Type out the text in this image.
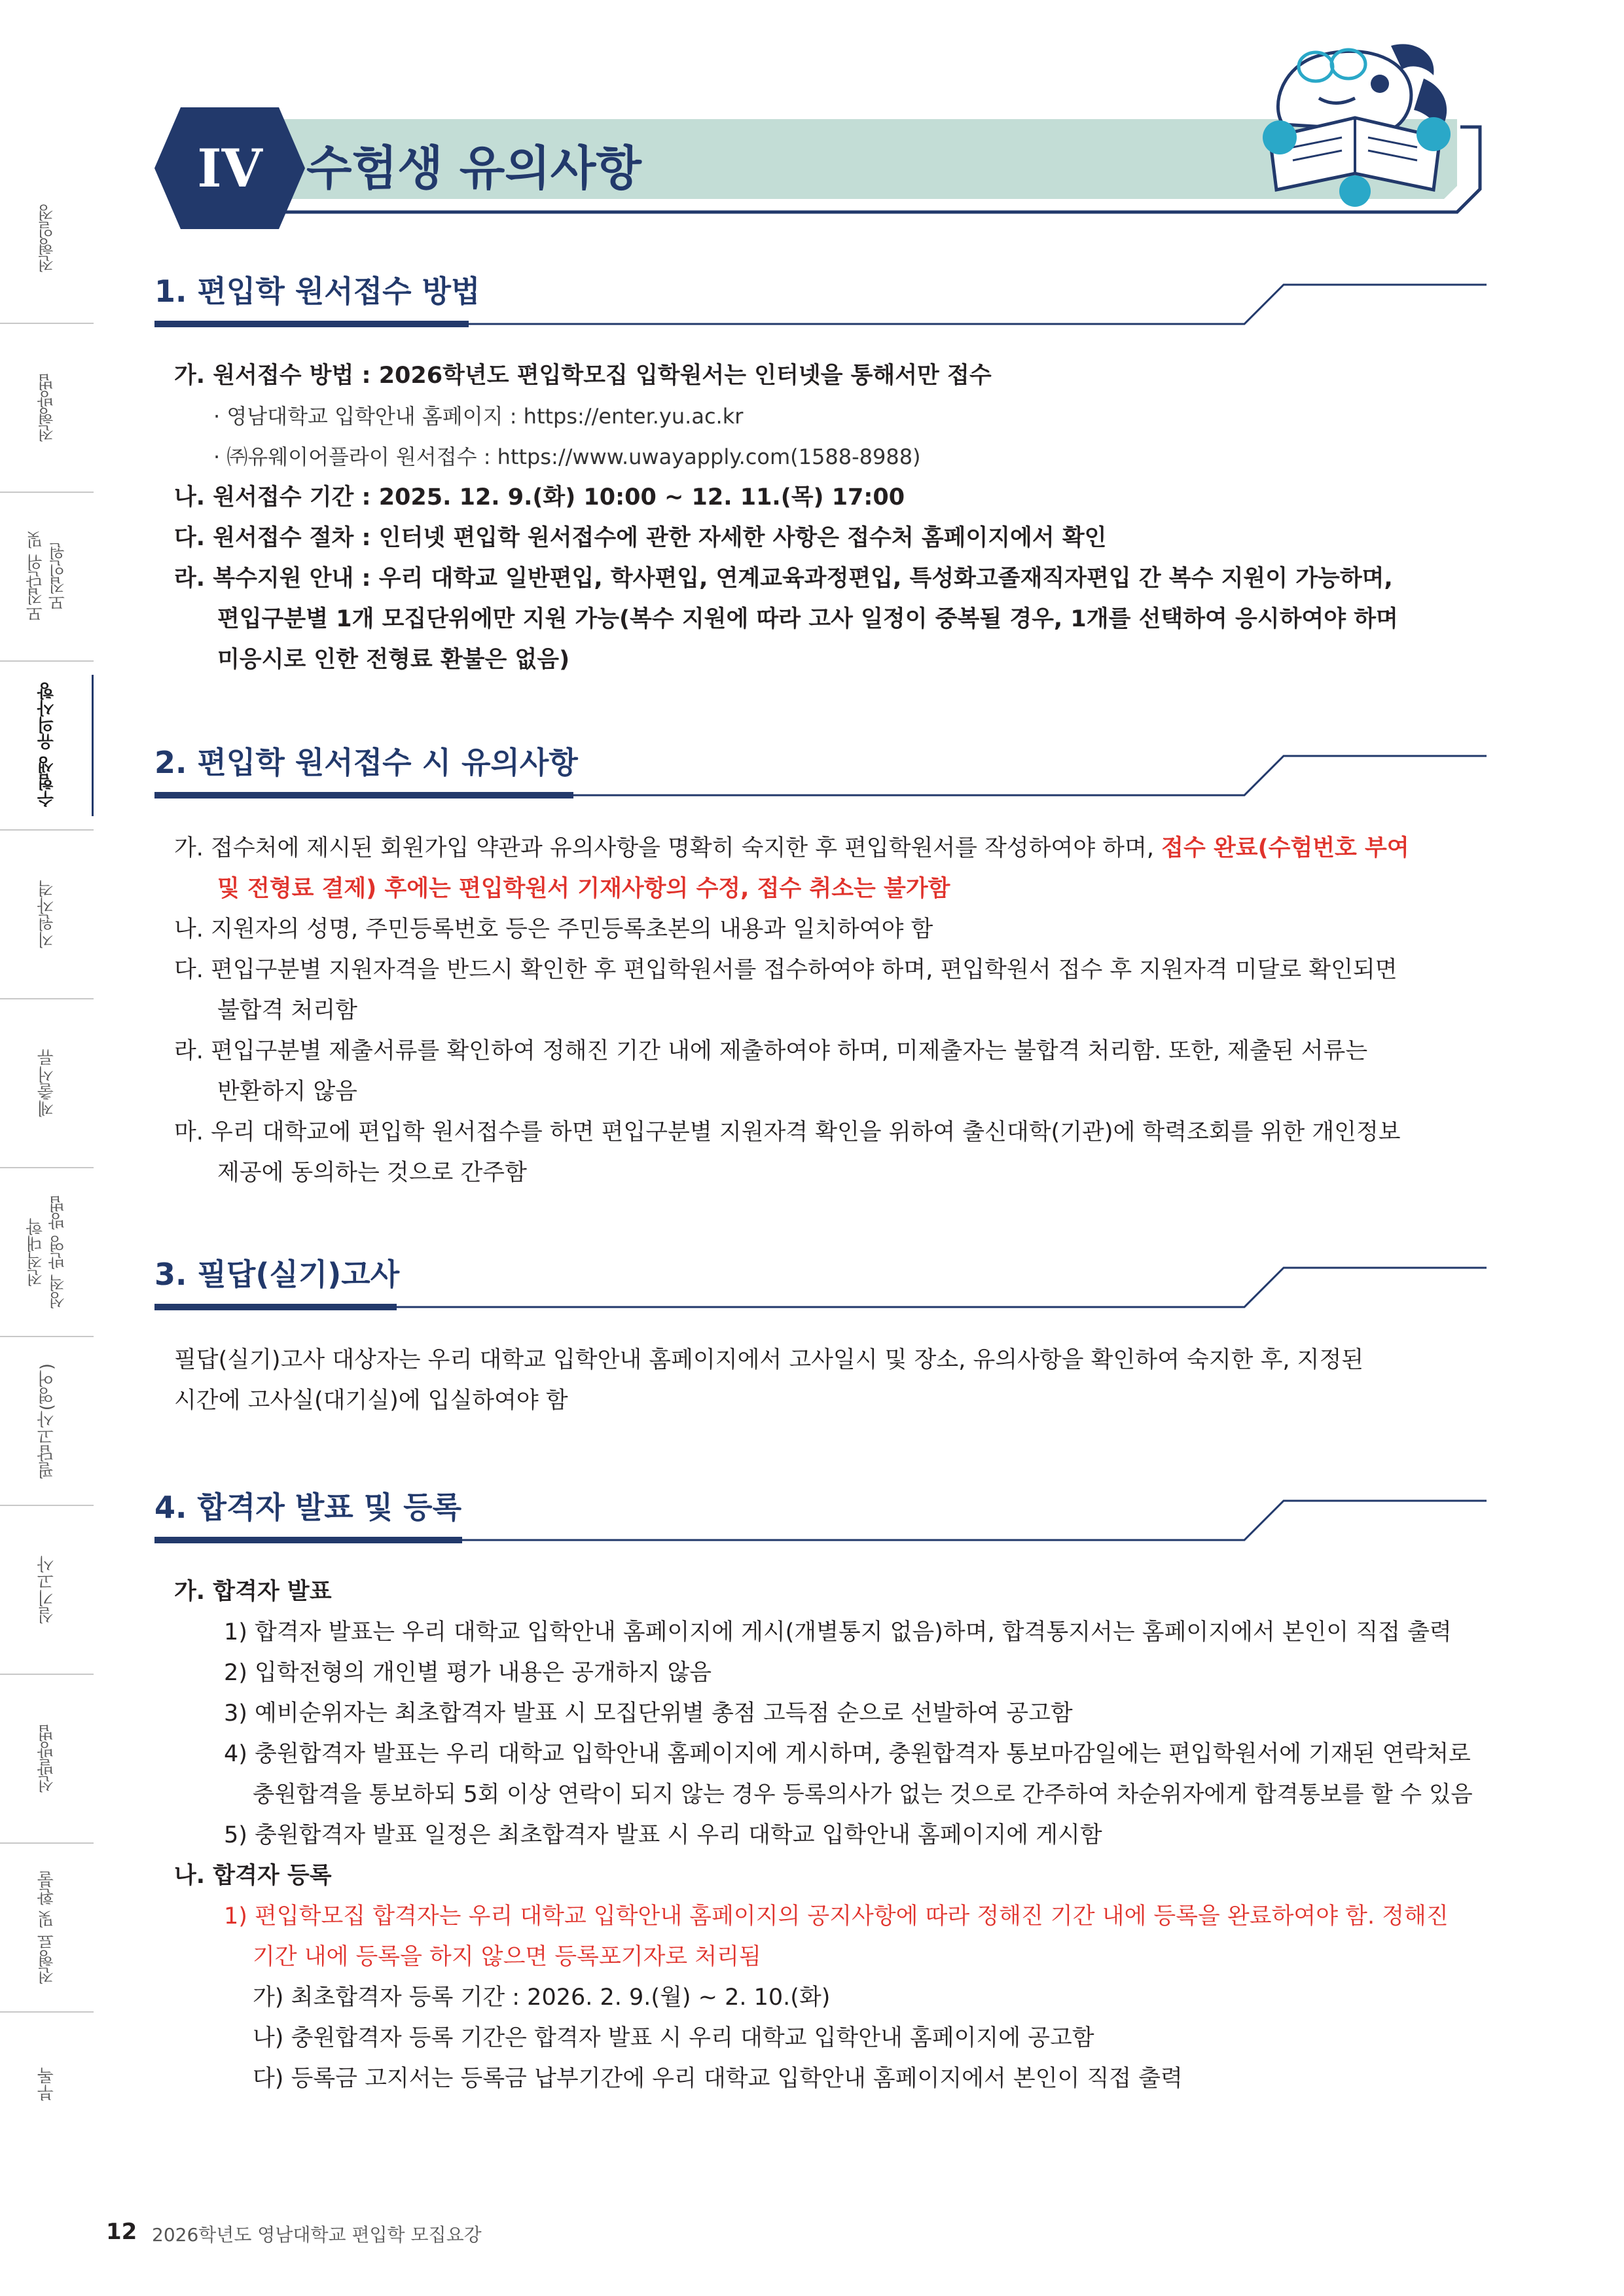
전형일정
전형방법
모집단위 및
모집인원
수험생 유의사항
지원자격
제출서류
전적대학
성적 반영 방법
필답고사(영어)
실기고사
선발방법
전형료 및 환불
부록
IV 수험생 유의사항
1. 편입학 원서접수 방법
가. 원서접수 방법 : 2026학년도 편입학모집 입학원서는 인터넷을 통해서만 접수
· 영남대학교 입학안내 홈페이지 : https://enter.yu.ac.kr
· ㈜유웨이어플라이 원서접수 : https://www.uwayapply.com(1588-8988)
나. 원서접수 기간 : 2025. 12. 9.(화) 10:00 ~ 12. 11.(목) 17:00
다. 원서접수 절차 : 인터넷 편입학 원서접수에 관한 자세한 사항은 접수처 홈페이지에서 확인
라. 복수지원 안내 : 우리 대학교 일반편입, 학사편입, 연계교육과정편입, 특성화고졸재직자편입 간 복수 지원이 가능하며,
편입구분별 1개 모집단위에만 지원 가능(복수 지원에 따라 고사 일정이 중복될 경우, 1개를 선택하여 응시하여야 하며
미응시로 인한 전형료 환불은 없음)
2. 편입학 원서접수 시 유의사항
가. 접수처에 제시된 회원가입 약관과 유의사항을 명확히 숙지한 후 편입학원서를 작성하여야 하며, 접수 완료(수험번호 부여
및 전형료 결제) 후에는 편입학원서 기재사항의 수정, 접수 취소는 불가함
나. 지원자의 성명, 주민등록번호 등은 주민등록초본의 내용과 일치하여야 함
다. 편입구분별 지원자격을 반드시 확인한 후 편입학원서를 접수하여야 하며, 편입학원서 접수 후 지원자격 미달로 확인되면
불합격 처리함
라. 편입구분별 제출서류를 확인하여 정해진 기간 내에 제출하여야 하며, 미제출자는 불합격 처리함. 또한, 제출된 서류는
반환하지 않음
마. 우리 대학교에 편입학 원서접수를 하면 편입구분별 지원자격 확인을 위하여 출신대학(기관)에 학력조회를 위한 개인정보
제공에 동의하는 것으로 간주함
3. 필답(실기)고사
필답(실기)고사 대상자는 우리 대학교 입학안내 홈페이지에서 고사일시 및 장소, 유의사항을 확인하여 숙지한 후, 지정된
시간에 고사실(대기실)에 입실하여야 함
4. 합격자 발표 및 등록
가. 합격자 발표
1) 합격자 발표는 우리 대학교 입학안내 홈페이지에 게시(개별통지 없음)하며, 합격통지서는 홈페이지에서 본인이 직접 출력
2) 입학전형의 개인별 평가 내용은 공개하지 않음
3) 예비순위자는 최초합격자 발표 시 모집단위별 총점 고득점 순으로 선발하여 공고함
4) 충원합격자 발표는 우리 대학교 입학안내 홈페이지에 게시하며, 충원합격자 통보마감일에는 편입학원서에 기재된 연락처로
충원합격을 통보하되 5회 이상 연락이 되지 않는 경우 등록의사가 없는 것으로 간주하여 차순위자에게 합격통보를 할 수 있음
5) 충원합격자 발표 일정은 최초합격자 발표 시 우리 대학교 입학안내 홈페이지에 게시함
나. 합격자 등록
1) 편입학모집 합격자는 우리 대학교 입학안내 홈페이지의 공지사항에 따라 정해진 기간 내에 등록을 완료하여야 함. 정해진
기간 내에 등록을 하지 않으면 등록포기자로 처리됨
가) 최초합격자 등록 기간 : 2026. 2. 9.(월) ~ 2. 10.(화)
나) 충원합격자 등록 기간은 합격자 발표 시 우리 대학교 입학안내 홈페이지에 공고함
다) 등록금 고지서는 등록금 납부기간에 우리 대학교 입학안내 홈페이지에서 본인이 직접 출력
12 2026학년도 영남대학교 편입학 모집요강
